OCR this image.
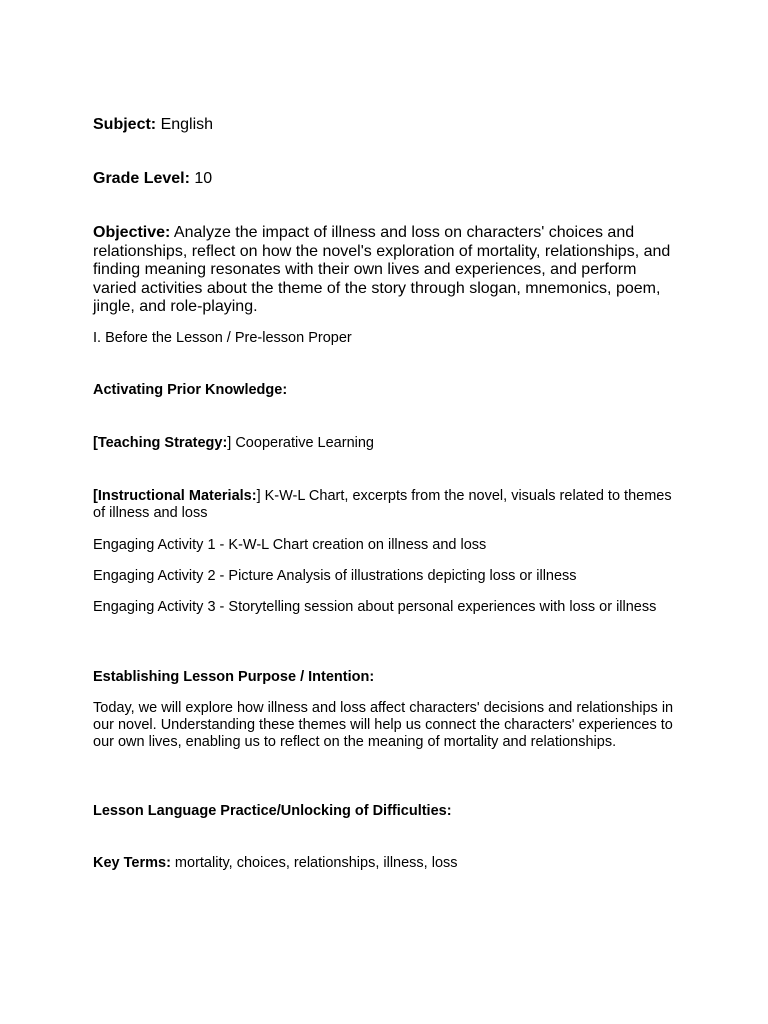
Subject: English

Grade Level: 10

Objective: Analyze the impact of illness and loss on characters' choices and relationships, reflect on how the novel's exploration of mortality, relationships, and finding meaning resonates with their own lives and experiences, and perform varied activities about the theme of the story through slogan, mnemonics, poem, jingle, and role-playing.

I. Before the Lesson / Pre-lesson Proper

Activating Prior Knowledge:

[Teaching Strategy:] Cooperative Learning

[Instructional Materials:] K-W-L Chart, excerpts from the novel, visuals related to themes of illness and loss

Engaging Activity 1 - K-W-L Chart creation on illness and loss

Engaging Activity 2 - Picture Analysis of illustrations depicting loss or illness

Engaging Activity 3 - Storytelling session about personal experiences with loss or illness

Establishing Lesson Purpose / Intention:

Today, we will explore how illness and loss affect characters' decisions and relationships in our novel. Understanding these themes will help us connect the characters' experiences to our own lives, enabling us to reflect on the meaning of mortality and relationships.

Lesson Language Practice/Unlocking of Difficulties:

Key Terms: mortality, choices, relationships, illness, loss
